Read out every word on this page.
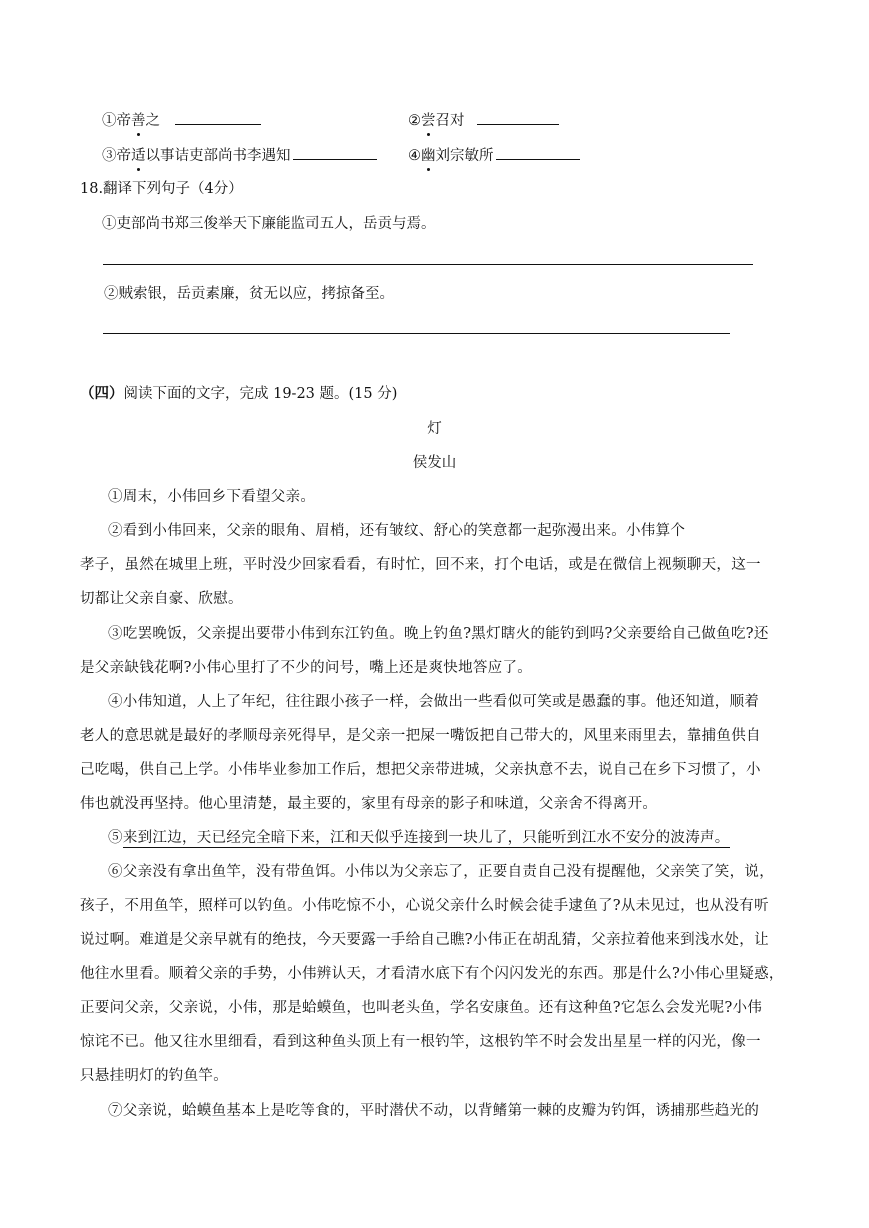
①帝善之	②尝召对
③帝适以事诘吏部尚书李遇知	④幽刘宗敏所
18.翻译下列句子（4分）
①吏部尚书郑三俊举天下廉能监司五人，岳贡与焉。
②贼索银，岳贡素廉，贫无以应，拷掠备至。
（四）阅读下面的文字，完成 19-23 题。(15 分)
灯
侯发山
①周末，小伟回乡下看望父亲。
②看到小伟回来，父亲的眼角、眉梢，还有皱纹、舒心的笑意都一起弥漫出来。小伟算个
孝子，虽然在城里上班，平时没少回家看看，有时忙，回不来，打个电话，或是在微信上视频聊天，这一
切都让父亲自豪、欣慰。
③吃罢晚饭，父亲提出要带小伟到东江钓鱼。晚上钓鱼?黑灯瞎火的能钓到吗?父亲要给自己做鱼吃?还
是父亲缺钱花啊?小伟心里打了不少的问号，嘴上还是爽快地答应了。
④小伟知道，人上了年纪，往往跟小孩子一样，会做出一些看似可笑或是愚蠢的事。他还知道，顺着
老人的意思就是最好的孝顺母亲死得早，是父亲一把屎一嘴饭把自己带大的，风里来雨里去，靠捕鱼供自
己吃喝，供自己上学。小伟毕业参加工作后，想把父亲带进城，父亲执意不去，说自己在乡下习惯了，小
伟也就没再坚持。他心里清楚，最主要的，家里有母亲的影子和味道，父亲舍不得离开。
⑤来到江边，天已经完全暗下来，江和天似乎连接到一块儿了，只能听到江水不安分的波涛声。
⑥父亲没有拿出鱼竿，没有带鱼饵。小伟以为父亲忘了，正要自责自己没有提醒他，父亲笑了笑，说，
孩子，不用鱼竿，照样可以钓鱼。小伟吃惊不小，心说父亲什么时候会徒手逮鱼了?从未见过，也从没有听
说过啊。难道是父亲早就有的绝技，今天要露一手给自己瞧?小伟正在胡乱猜，父亲拉着他来到浅水处，让
他往水里看。顺着父亲的手势，小伟辨认天，才看清水底下有个闪闪发光的东西。那是什么?小伟心里疑惑，
正要问父亲，父亲说，小伟，那是蛤蟆鱼，也叫老头鱼，学名安康鱼。还有这种鱼?它怎么会发光呢?小伟
惊诧不已。他又往水里细看，看到这种鱼头顶上有一根钓竿，这根钓竿不时会发出星星一样的闪光，像一
只悬挂明灯的钓鱼竿。
⑦父亲说，蛤蟆鱼基本上是吃等食的，平时潜伏不动，以背鳍第一棘的皮瓣为钓饵，诱捕那些趋光的
